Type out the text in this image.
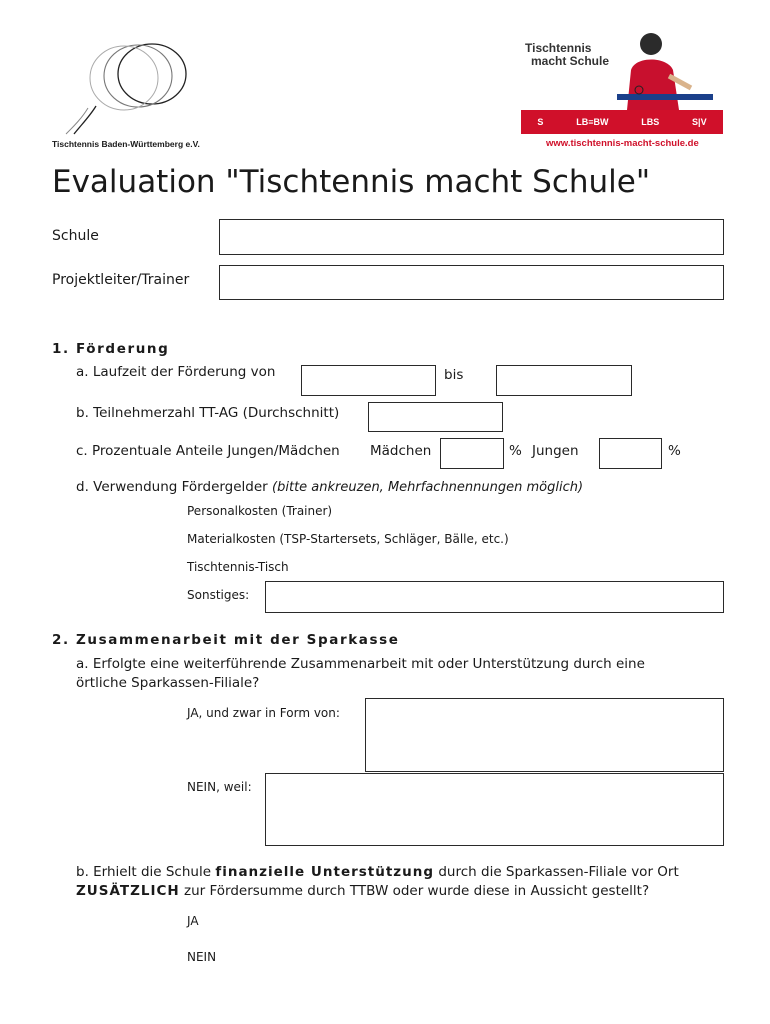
Tischtennis Baden-Württemberg e.V.
Tischtennis
macht Schule
S	LB≡BW	LBS	S|V
www.tischtennis-macht-schule.de
Evaluation "Tischtennis macht Schule"
Schule
Projektleiter/Trainer
1. Förderung
a. Laufzeit der Förderung von	bis
b. Teilnehmerzahl TT-AG (Durchschnitt)
c. Prozentuale Anteile Jungen/Mädchen Mädchen	% Jungen	%
d. Verwendung Fördergelder (bitte ankreuzen, Mehrfachnennungen möglich)
Personalkosten (Trainer)
Materialkosten (TSP-Startersets, Schläger, Bälle, etc.)
Tischtennis-Tisch
Sonstiges:
2. Zusammenarbeit mit der Sparkasse
a. Erfolgte eine weiterführende Zusammenarbeit mit oder Unterstützung durch eine
örtliche Sparkassen-Filiale?
JA, und zwar in Form von:
NEIN, weil:
b. Erhielt die Schule finanzielle Unterstützung durch die Sparkassen-Filiale vor Ort
ZUSÄTZLICH zur Fördersumme durch TTBW oder wurde diese in Aussicht gestellt?
JA
NEIN
